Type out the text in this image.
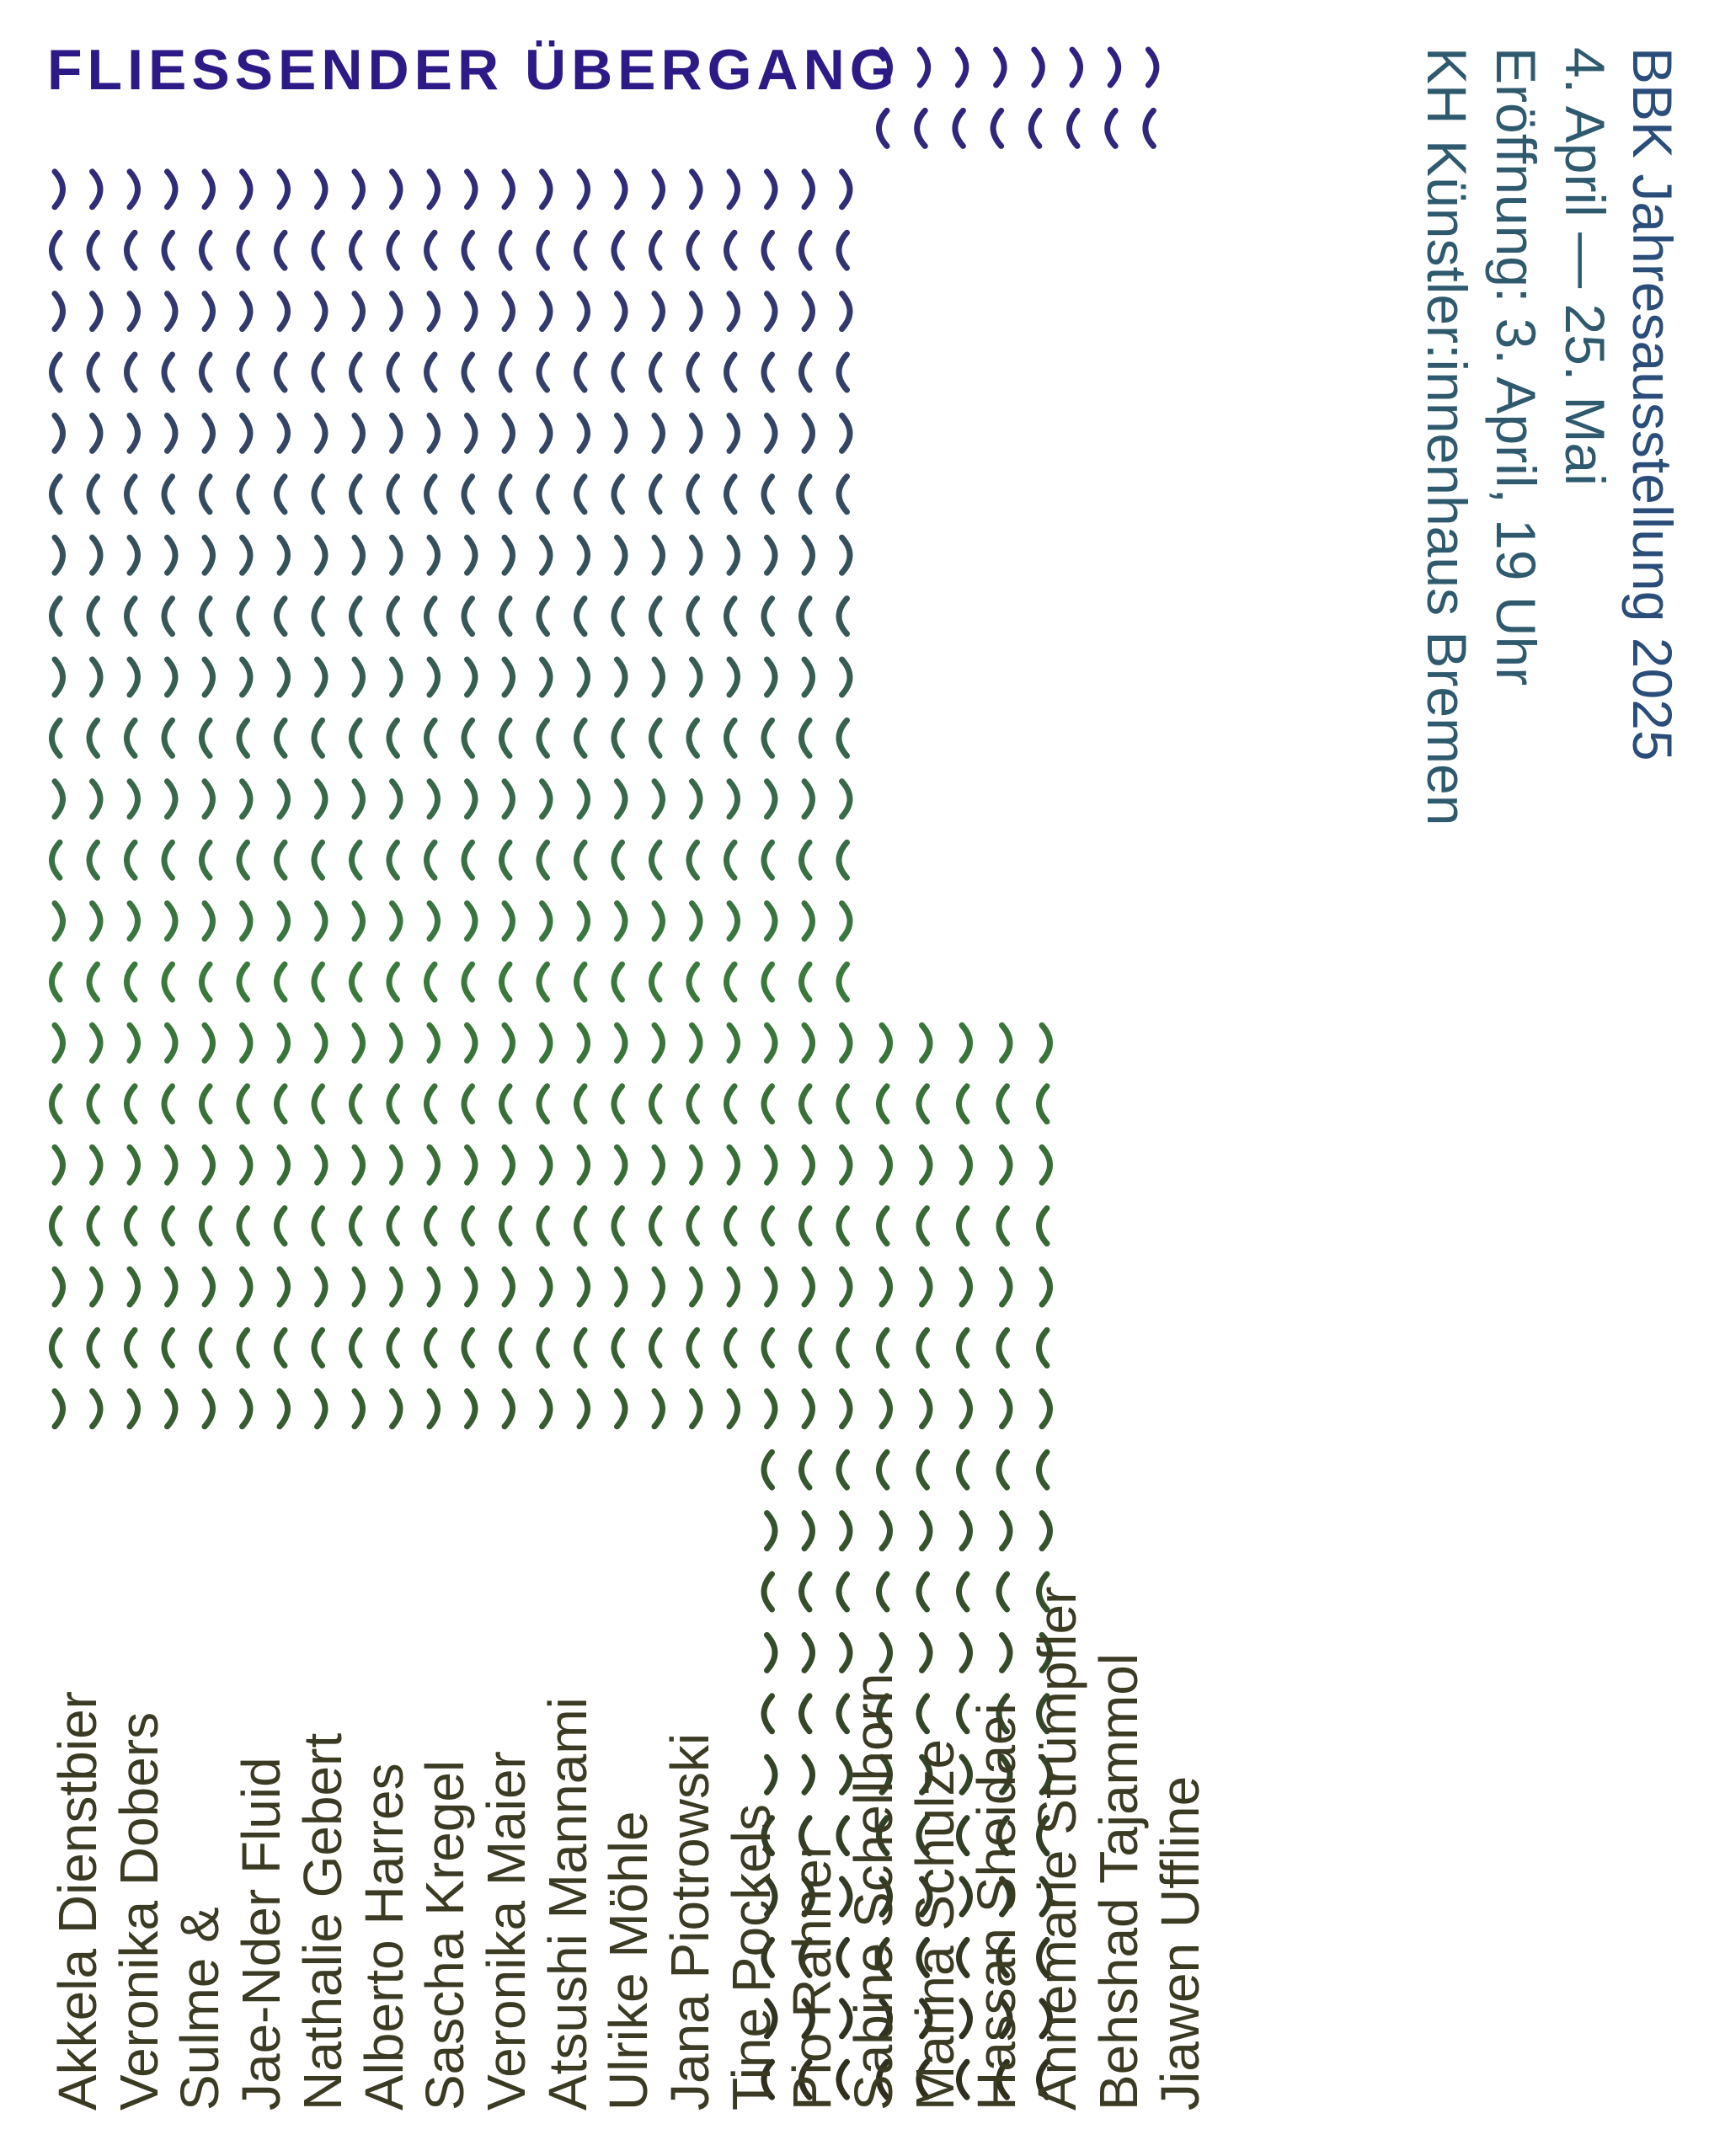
FLIESSENDER ÜBERGANG	BBK Jahresausstellung 2025
4. April — 25. Mai
Eröffnung: 3. April, 19 Uhr
KH Künstler:innenhaus Bremen
Akkela Dienstbier Veronika Dobers Sulme & Jae-Nder Fluid Nathalie Gebert Alberto Harres Sascha Kregel Veronika Maier Atsushi Mannami Ulrike Möhle Jana Piotrowski Tine Pockels Pio Rahner Sabine Schellhorn Marina Schulze Hassan Sheidaei Annemarie Strümpfler Behshad Tajammol Jiawen Uffline
